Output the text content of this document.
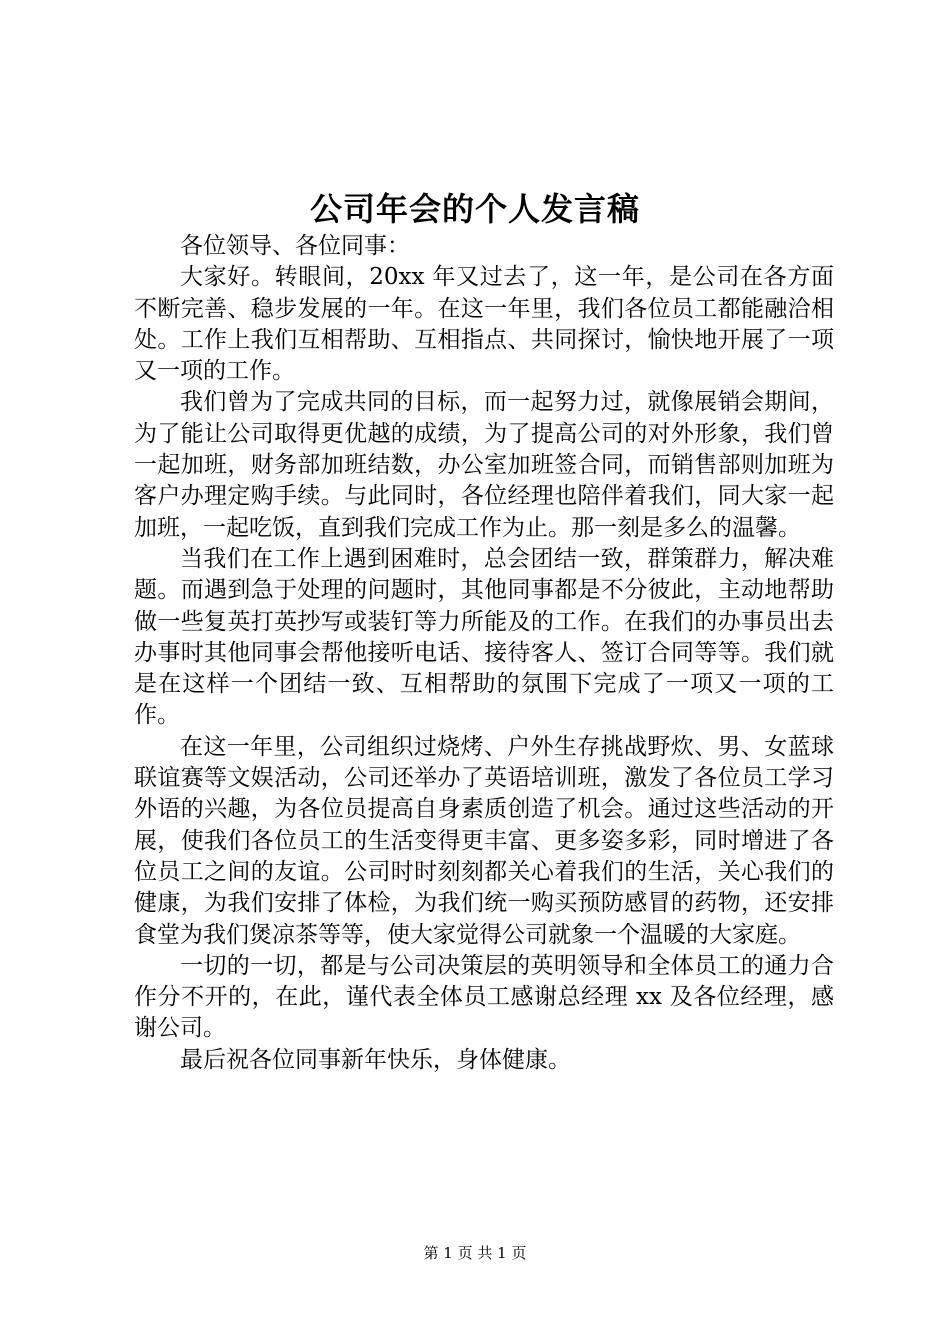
公司年会的个人发言稿

各位领导、各位同事：

大家好。转眼间，20xx 年又过去了，这一年，是公司在各方面不断完善、稳步发展的一年。在这一年里，我们各位员工都能融洽相处。工作上我们互相帮助、互相指点、共同探讨，愉快地开展了一项又一项的工作。

我们曾为了完成共同的目标，而一起努力过，就像展销会期间，为了能让公司取得更优越的成绩，为了提高公司的对外形象，我们曾一起加班，财务部加班结数，办公室加班签合同，而销售部则加班为客户办理定购手续。与此同时，各位经理也陪伴着我们，同大家一起加班，一起吃饭，直到我们完成工作为止。那一刻是多么的温馨。

当我们在工作上遇到困难时，总会团结一致，群策群力，解决难题。而遇到急于处理的问题时，其他同事都是不分彼此，主动地帮助做一些复英打英抄写或装钉等力所能及的工作。在我们的办事员出去办事时其他同事会帮他接听电话、接待客人、签订合同等等。我们就是在这样一个团结一致、互相帮助的氛围下完成了一项又一项的工作。

在这一年里，公司组织过烧烤、户外生存挑战野炊、男、女蓝球联谊赛等文娱活动，公司还举办了英语培训班，激发了各位员工学习外语的兴趣，为各位员提高自身素质创造了机会。通过这些活动的开展，使我们各位员工的生活变得更丰富、更多姿多彩，同时增进了各位员工之间的友谊。公司时时刻刻都关心着我们的生活，关心我们的健康，为我们安排了体检，为我们统一购买预防感冒的药物，还安排食堂为我们煲凉茶等等，使大家觉得公司就象一个温暖的大家庭。

一切的一切，都是与公司决策层的英明领导和全体员工的通力合作分不开的，在此，谨代表全体员工感谢总经理 xx 及各位经理，感谢公司。

最后祝各位同事新年快乐，身体健康。

第 1 页 共 1 页
